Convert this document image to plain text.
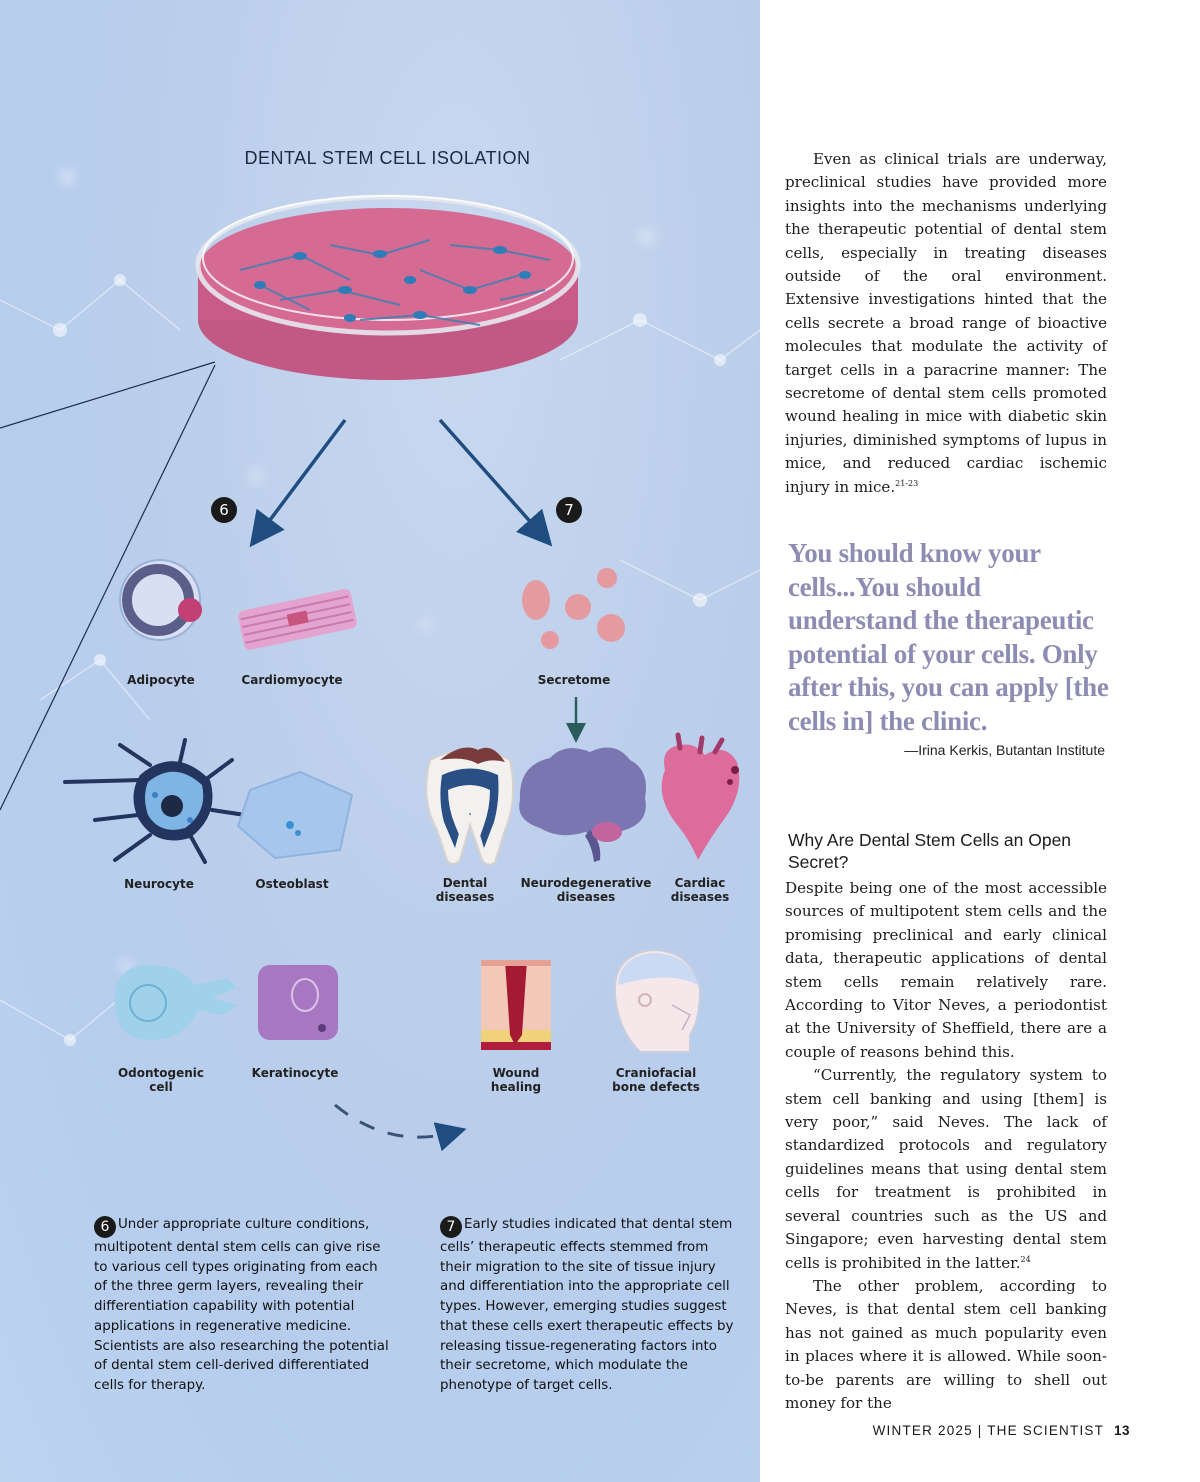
DENTAL STEM CELL ISOLATION
6	7
Adipocyte	Cardiomyocyte	Secretome
Neurocyte	Osteoblast	Dental
diseases
Neurodegenerative
diseases
Cardiac
diseases
Odontogenic
cell
Keratinocyte	Wound
healing
Craniofacial
bone defects
6 Under appropriate culture conditions, multipotent dental stem cells can give rise to various cell types originating from each of the three germ layers, revealing their differentiation capability with potential applications in regenerative medicine. Scientists are also researching the potential of dental stem cell-derived differentiated cells for therapy.
7 Early studies indicated that dental stem cells’ therapeutic effects stemmed from their migration to the site of tissue injury and differentiation into the appropriate cell types. However, emerging studies suggest that these cells exert therapeutic effects by releasing tissue-regenerating factors into their secretome, which modulate the phenotype of target cells.

Even as clinical trials are underway, preclinical studies have provided more insights into the mechanisms underlying the therapeutic potential of dental stem cells, especially in treating diseases outside of the oral environment. Extensive investigations hinted that the cells secrete a broad range of bioactive molecules that modulate the activity of target cells in a paracrine manner: The secretome of dental stem cells promoted wound healing in mice with diabetic skin injuries, diminished symptoms of lupus in mice, and reduced cardiac ischemic injury in mice.$^{21-23}$

You should know your cells...You should understand the therapeutic potential of your cells. Only after this, you can apply [the cells in] the clinic.
—Irina Kerkis, Butantan Institute
Why Are Dental Stem Cells an Open Secret?

Despite being one of the most accessible sources of multipotent stem cells and the promising preclinical and early clinical data, therapeutic applications of dental stem cells remain relatively rare. According to Vitor Neves, a periodontist at the University of Sheffield, there are a couple of reasons behind this.

“Currently, the regulatory system to stem cell banking and using [them] is very poor,” said Neves. The lack of standardized protocols and regulatory guidelines means that using dental stem cells for treatment is prohibited in several countries such as the US and Singapore; even harvesting dental stem cells is prohibited in the latter.$^{24}$

The other problem, according to Neves, is that dental stem cell banking has not gained as much popularity even in places where it is allowed. While soon-to-be parents are willing to shell out money for the

WINTER 2025 | THE SCIENTIST 13
